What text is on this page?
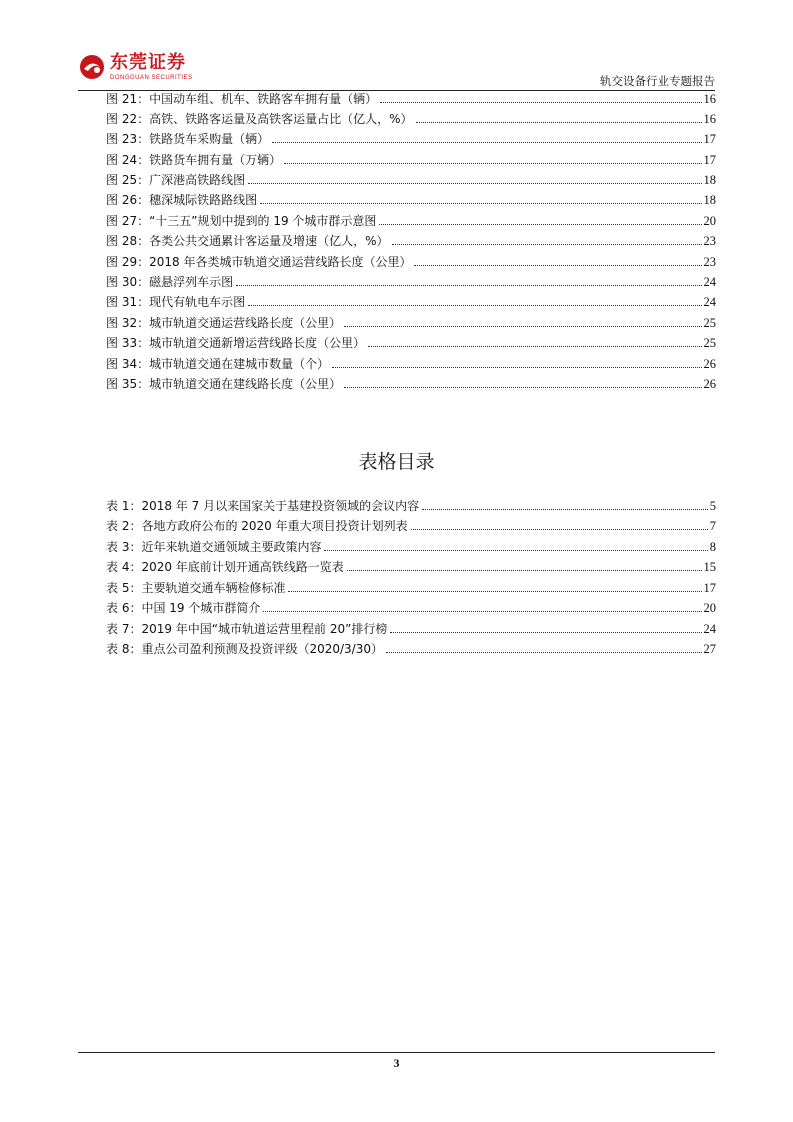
东莞证券
DONGGUAN SECURITIES	轨交设备行业专题报告
图 21：中国动车组、机车、铁路客车拥有量（辆）	16
图 22：高铁、铁路客运量及高铁客运量占比（亿人，%）	16
图 23：铁路货车采购量（辆）	17
图 24：铁路货车拥有量（万辆）	17
图 25：广深港高铁路线图	18
图 26：穗深城际铁路路线图	18
图 27：“十三五”规划中提到的 19 个城市群示意图	20
图 28：各类公共交通累计客运量及增速（亿人，%）	23
图 29：2018 年各类城市轨道交通运营线路长度（公里）	23
图 30：磁悬浮列车示图	24
图 31：现代有轨电车示图	24
图 32：城市轨道交通运营线路长度（公里）	25
图 33：城市轨道交通新增运营线路长度（公里）	25
图 34：城市轨道交通在建城市数量（个）	26
图 35：城市轨道交通在建线路长度（公里）	26
表格目录
表 1：2018 年 7 月以来国家关于基建投资领域的会议内容	5
表 2：各地方政府公布的 2020 年重大项目投资计划列表	7
表 3：近年来轨道交通领域主要政策内容	8
表 4：2020 年底前计划开通高铁线路一览表	15
表 5：主要轨道交通车辆检修标准	17
表 6：中国 19 个城市群简介	20
表 7：2019 年中国“城市轨道运营里程前 20”排行榜	24
表 8：重点公司盈利预测及投资评级（2020/3/30）	27
3
